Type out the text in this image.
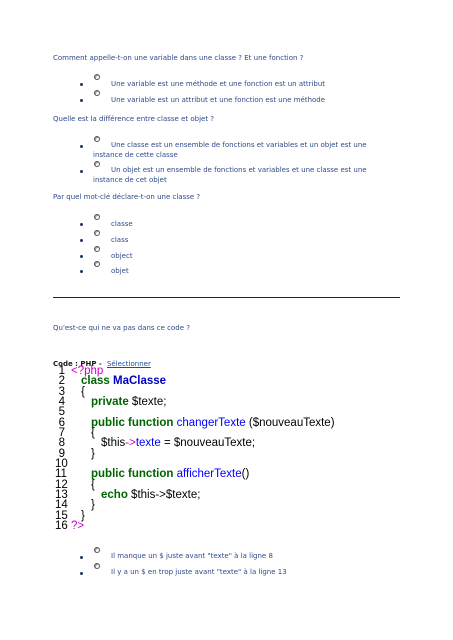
Comment appelle-t-on une variable dans une classe ? Et une fonction ?
Une variable est une méthode et une fonction est un attribut
Une variable est un attribut et une fonction est une méthode
Quelle est la différence entre classe et objet ?
Une classe est un ensemble de fonctions et variables et un objet est une instance de cette classe
Un objet est un ensemble de fonctions et variables et une classe est une instance de cet objet
Par quel mot-clé déclare-t-on une classe ?
classe
class
object
objet
Qu'est-ce qui ne va pas dans ce code ?
Code : PHP - Sélectionner
1 <?php
2 class MaClasse
3 {
4 private $texte;
5
6 public function changerTexte ($nouveauTexte)
7 {
8	$this->texte = $nouveauTexte;
9 }
10
11 public function afficherTexte()
12 {
13	echo $this->$texte;
14 }
15 }
16 ?>
Il manque un $ juste avant "texte" à la ligne 8
Il y a un $ en trop juste avant "texte" à la ligne 13
